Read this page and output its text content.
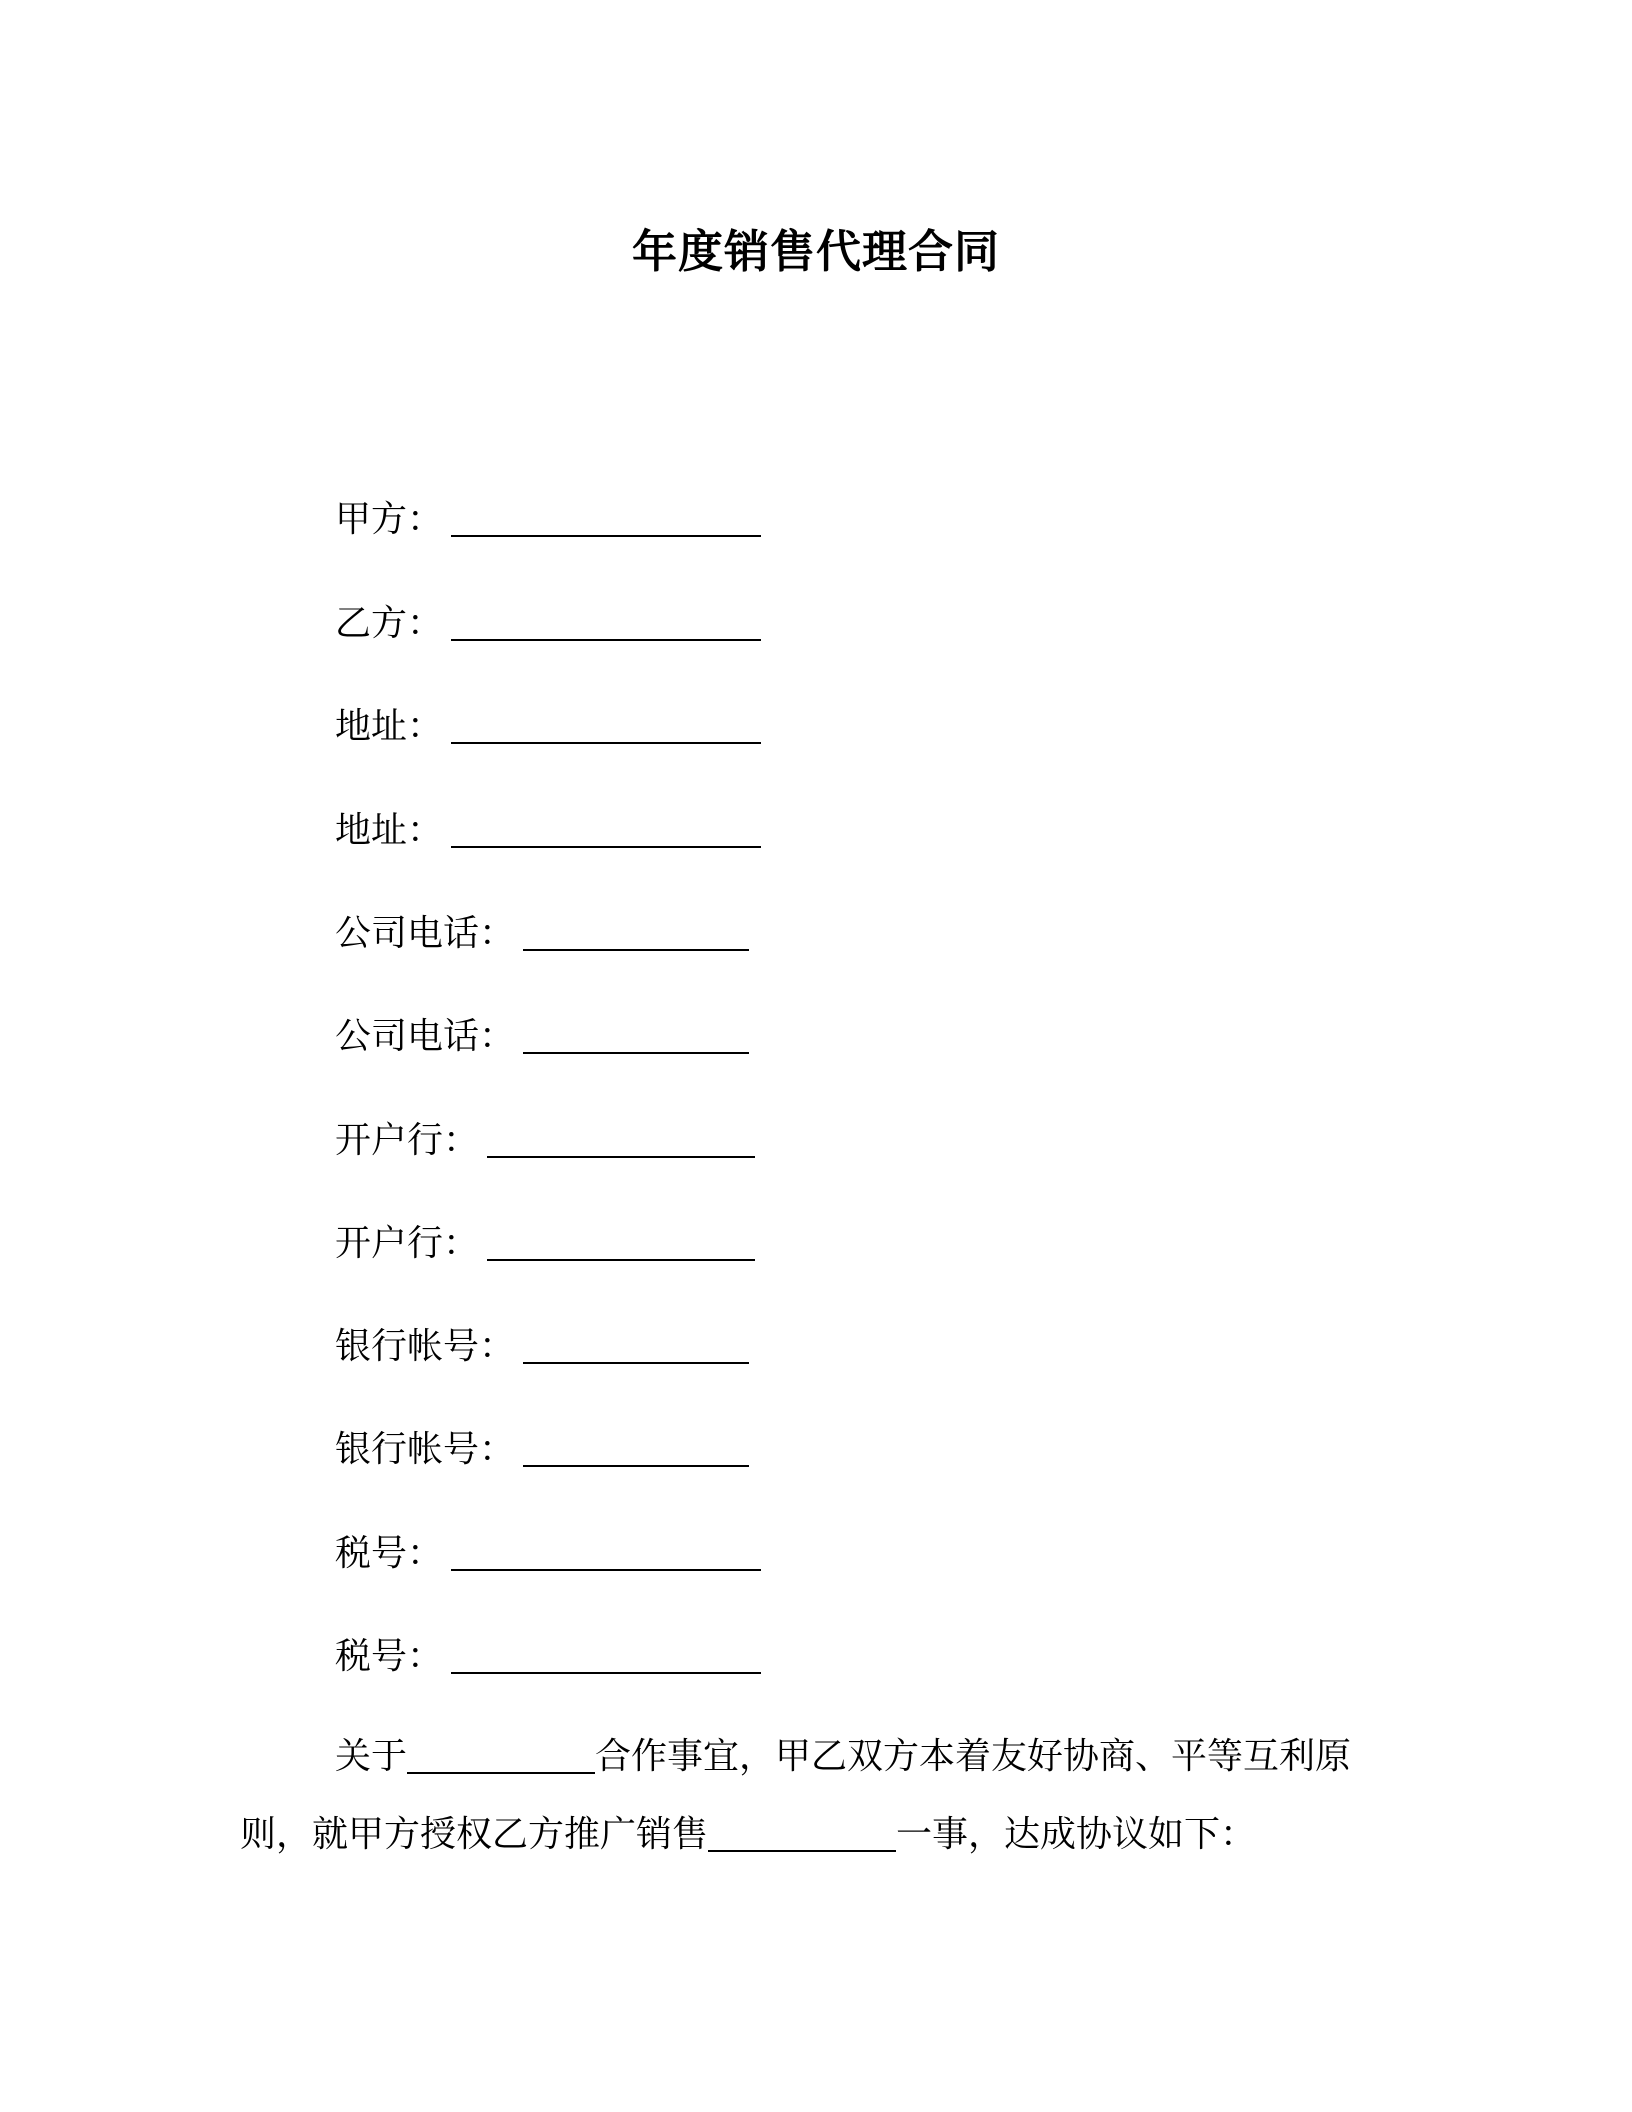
年度销售代理合同
甲方：
乙方：
地址：
地址：
公司电话：
公司电话：
开户行：
开户行：
银行帐号：
银行帐号：
税号：
税号：
关于	合作事宜，甲乙双方本着友好协商、平等互利原
则，就甲方授权乙方推广销售	一事，达成协议如下：
